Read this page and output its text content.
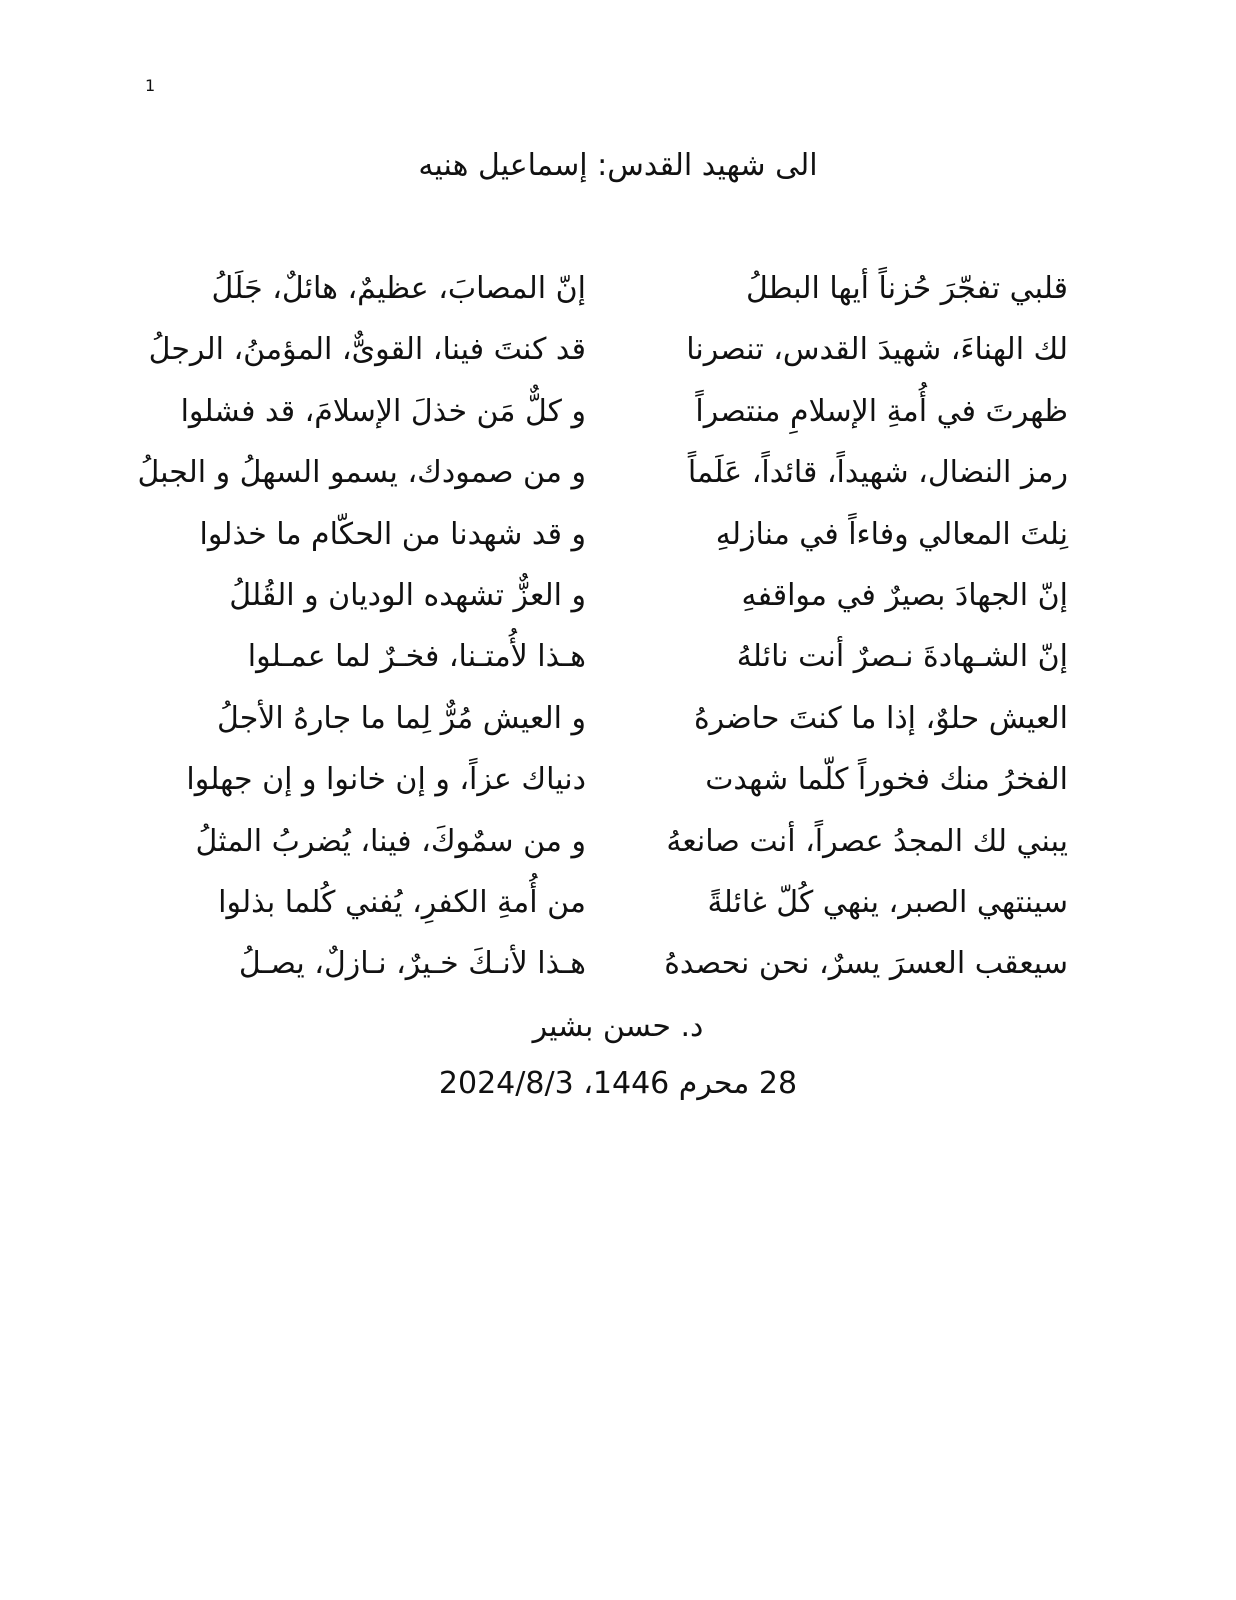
1
الى شهيد القدس: إسماعيل هنيه
قلبي تفجّرَ حُزناً أيها البطلُ
إنّ المصابَ، عظيمٌ، هائلٌ، جَلَلُ
لك الهناءَ، شهيدَ القدس، تنصرنا
قد كنتَ فينا، القوىٌّ، المؤمنُ، الرجلُ
ظهرتَ في أُمةِ الإسلامِ منتصراً
و كلٌّ مَن خذلَ الإسلامَ، قد فشلوا
رمز النضال، شهيداً، قائداً، عَلَماً
و من صمودك، يسمو السهلُ و الجبلُ
نِلتَ المعالي وفاءاً في منازلهِ
و قد شهدنا من الحكّام ما خذلوا
إنّ الجهادَ بصيرٌ في مواقفهِ
و العزٌّ تشهده الوديان و القُللُ
إنّ الشـهادةَ نـصرٌ أنت نائلهُ
هـذا لأُمتـنا، فخـرٌ لما عمـلوا
العيش حلوٌ، إذا ما كنتَ حاضرهُ
و العيش مُرٌّ لِما ما جارهُ الأجلُ
الفخرُ منك فخوراً كلّما شهدت
دنياك عزاً، و إن خانوا و إن جهلوا
يبني لك المجدُ عصراً، أنت صانعهُ
و من سمٌوكَ، فينا، يُضربُ المثلُ
سينتهي الصبر، ينهي كُلّ غائلةً
من أُمةِ الكفرِ، يُفني كُلما بذلوا
سيعقب العسرَ يسرٌ، نحن نحصدهُ
هـذا لأنـكَ خـيرٌ، نـازلٌ، يصـلُ
د. حسن بشير
28 محرم 1446، 2024/8/3
